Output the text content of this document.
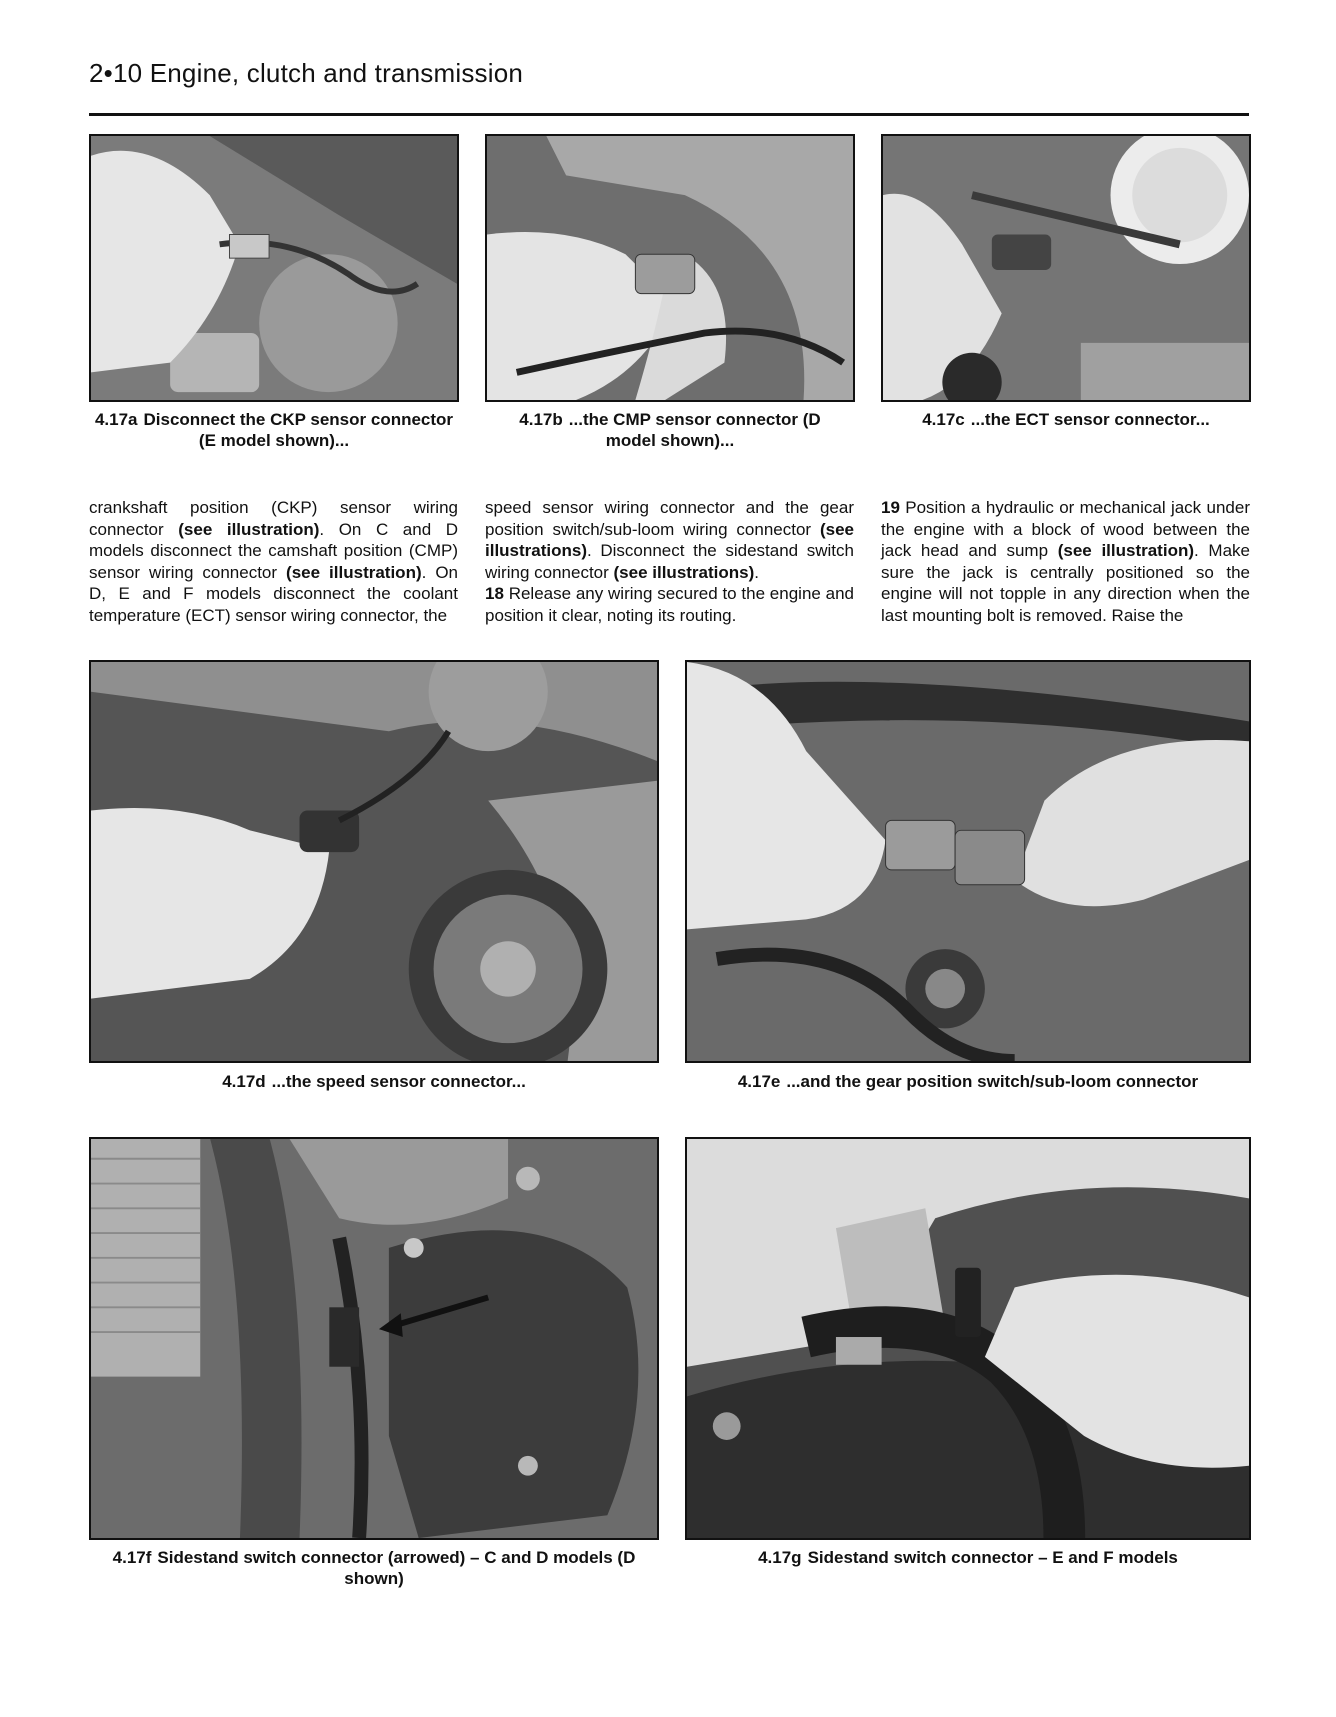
2•10 Engine, clutch and transmission
4.17a Disconnect the CKP sensor connector (E model shown)...
4.17b ...the CMP sensor connector (D model shown)...
4.17c ...the ECT sensor connector...
crankshaft position (CKP) sensor wiring connector (see illustration). On C and D models disconnect the camshaft position (CMP) sensor wiring connector (see illustration). On D, E and F models disconnect the coolant temperature (ECT) sensor wiring connector, the
speed sensor wiring connector and the gear position switch/sub-loom wiring connector (see illustrations). Disconnect the sidestand switch wiring connector (see illustrations).
18 Release any wiring secured to the engine and position it clear, noting its routing.
19 Position a hydraulic or mechanical jack under the engine with a block of wood between the jack head and sump (see illustration). Make sure the jack is centrally positioned so the engine will not topple in any direction when the last mounting bolt is removed. Raise the
4.17d ...the speed sensor connector...	4.17e ...and the gear position switch/sub-loom connector
4.17f Sidestand switch connector (arrowed) – C and D models (D shown)
4.17g Sidestand switch connector – E and F models
